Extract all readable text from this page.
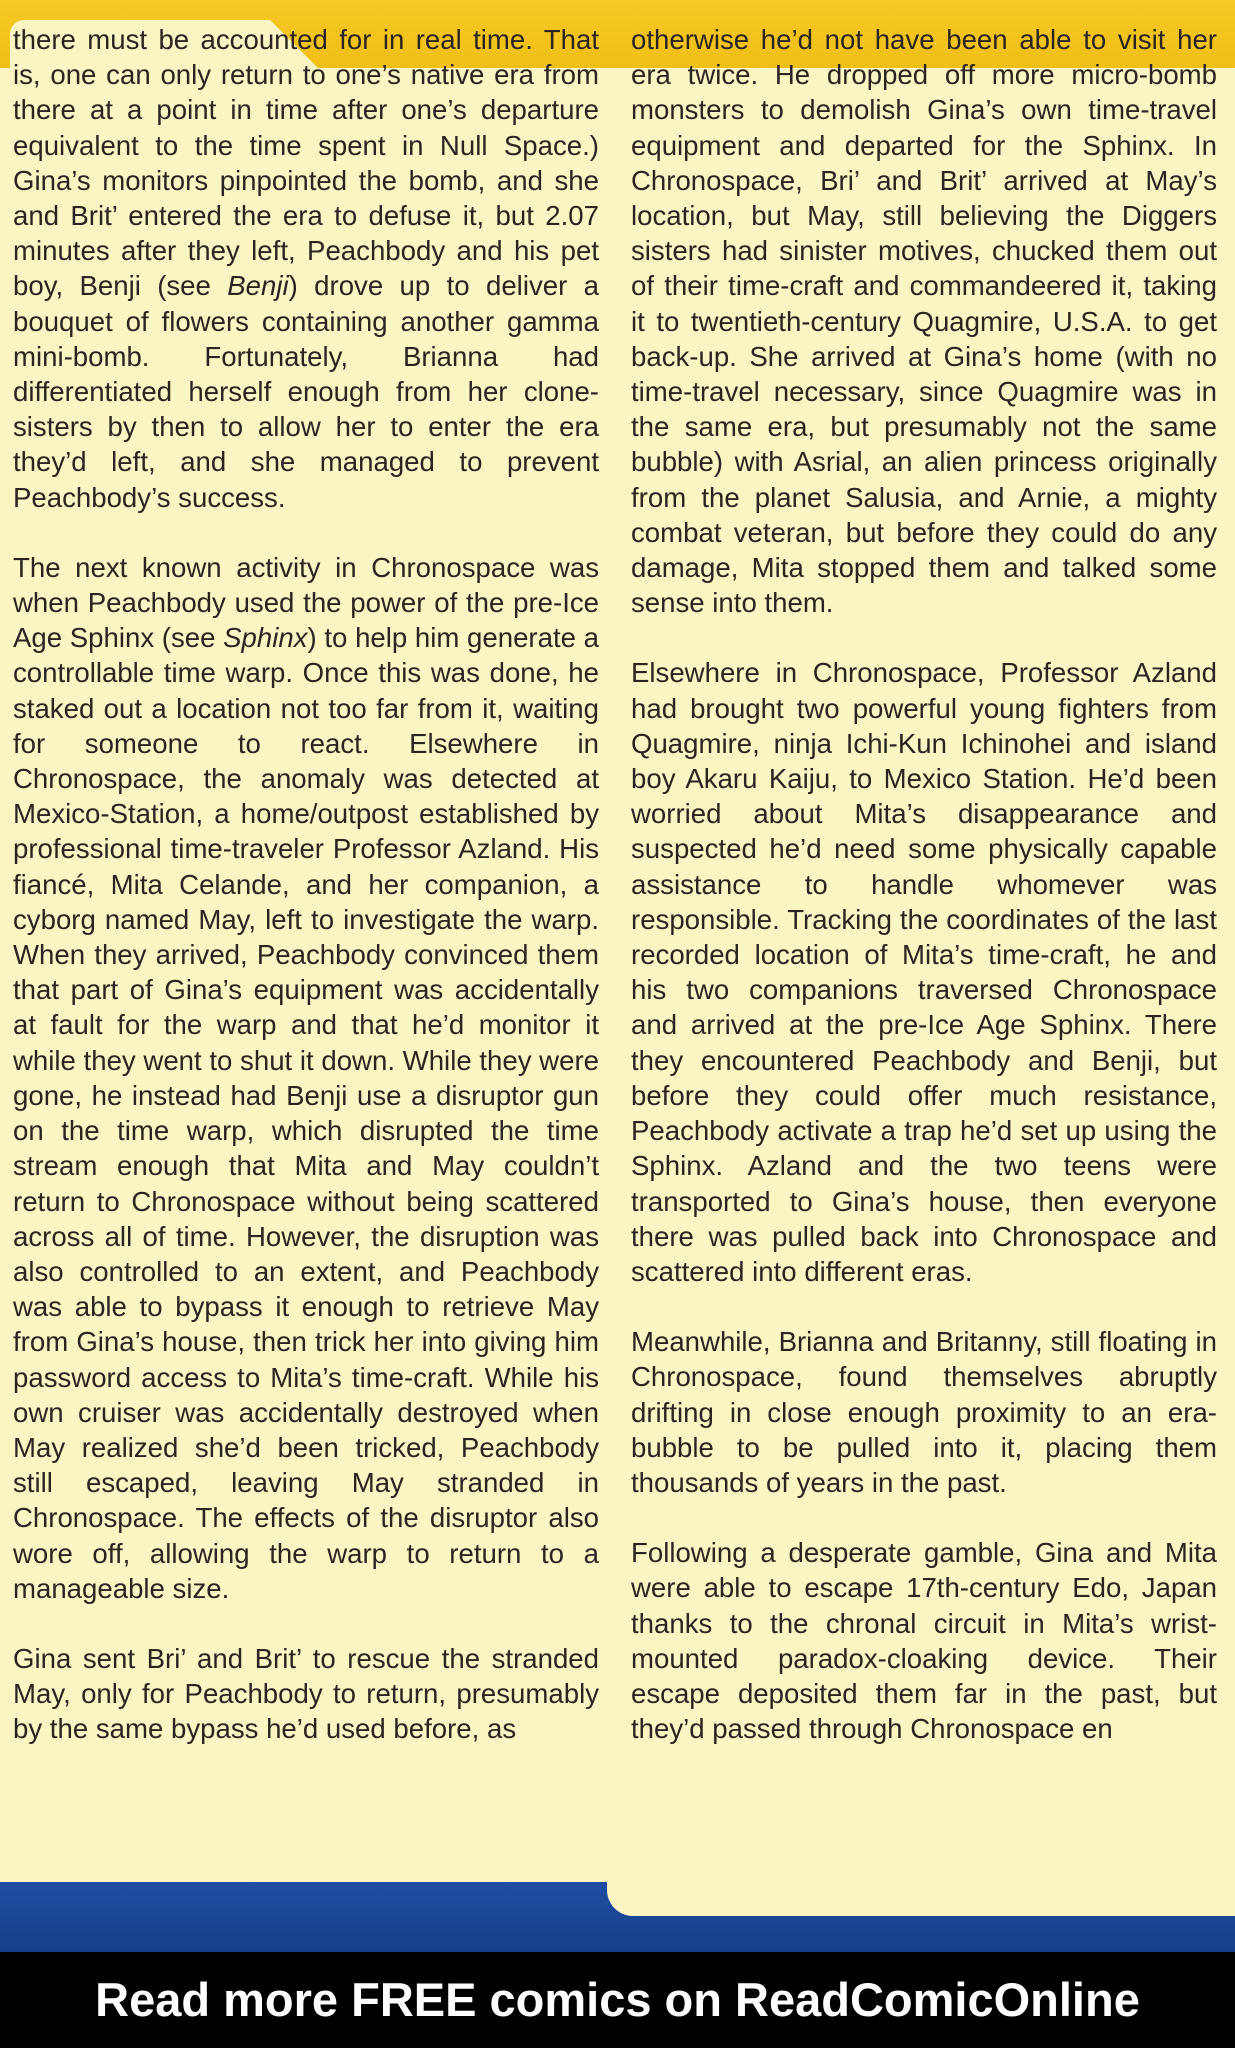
there must be accounted for in real time. That is, one can only return to one’s native era from there at a point in time after one’s departure equivalent to the time spent in Null Space.) Gina’s monitors pinpointed the bomb, and she and Brit’ entered the era to defuse it, but 2.07 minutes after they left, Peachbody and his pet boy, Benji (see Benji) drove up to deliver a bouquet of flowers containing another gamma mini-bomb. Fortunately, Brianna had differentiated herself enough from her clone-sisters by then to allow her to enter the era they’d left, and she managed to prevent Peachbody’s success.

The next known activity in Chronospace was when Peachbody used the power of the pre-Ice Age Sphinx (see Sphinx) to help him generate a controllable time warp. Once this was done, he staked out a location not too far from it, waiting for someone to react. Elsewhere in Chronospace, the anomaly was detected at Mexico-Station, a home/outpost established by professional time-traveler Professor Azland. His fiancé, Mita Celande, and her companion, a cyborg named May, left to investigate the warp. When they arrived, Peachbody convinced them that part of Gina’s equipment was accidentally at fault for the warp and that he’d monitor it while they went to shut it down. While they were gone, he instead had Benji use a disruptor gun on the time warp, which disrupted the time stream enough that Mita and May couldn’t return to Chronospace without being scattered across all of time. However, the disruption was also controlled to an extent, and Peachbody was able to bypass it enough to retrieve May from Gina’s house, then trick her into giving him password access to Mita’s time-craft. While his own cruiser was accidentally destroyed when May realized she’d been tricked, Peachbody still escaped, leaving May stranded in Chronospace. The effects of the disruptor also wore off, allowing the warp to return to a manageable size.

Gina sent Bri’ and Brit’ to rescue the stranded May, only for Peachbody to return, presumably by the same bypass he’d used before, as

otherwise he’d not have been able to visit her era twice. He dropped off more micro-bomb monsters to demolish Gina’s own time-travel equipment and departed for the Sphinx. In Chronospace, Bri’ and Brit’ arrived at May’s location, but May, still believing the Diggers sisters had sinister motives, chucked them out of their time-craft and commandeered it, taking it to twentieth-century Quagmire, U.S.A. to get back-up. She arrived at Gina’s home (with no time-travel necessary, since Quagmire was in the same era, but presumably not the same bubble) with Asrial, an alien princess originally from the planet Salusia, and Arnie, a mighty combat veteran, but before they could do any damage, Mita stopped them and talked some sense into them.

Elsewhere in Chronospace, Professor Azland had brought two powerful young fighters from Quagmire, ninja Ichi-Kun Ichinohei and island boy Akaru Kaiju, to Mexico Station. He’d been worried about Mita’s disappearance and suspected he’d need some physically capable assistance to handle whomever was responsible. Tracking the coordinates of the last recorded location of Mita’s time-craft, he and his two companions traversed Chronospace and arrived at the pre-Ice Age Sphinx. There they encountered Peachbody and Benji, but before they could offer much resistance, Peachbody activate a trap he’d set up using the Sphinx. Azland and the two teens were transported to Gina’s house, then everyone there was pulled back into Chronospace and scattered into different eras.

Meanwhile, Brianna and Britanny, still floating in Chronospace, found themselves abruptly drifting in close enough proximity to an era-bubble to be pulled into it, placing them thousands of years in the past.

Following a desperate gamble, Gina and Mita were able to escape 17th-century Edo, Japan thanks to the chronal circuit in Mita’s wrist-mounted paradox-cloaking device. Their escape deposited them far in the past, but they’d passed through Chronospace en

Read more FREE comics on ReadComicOnline
